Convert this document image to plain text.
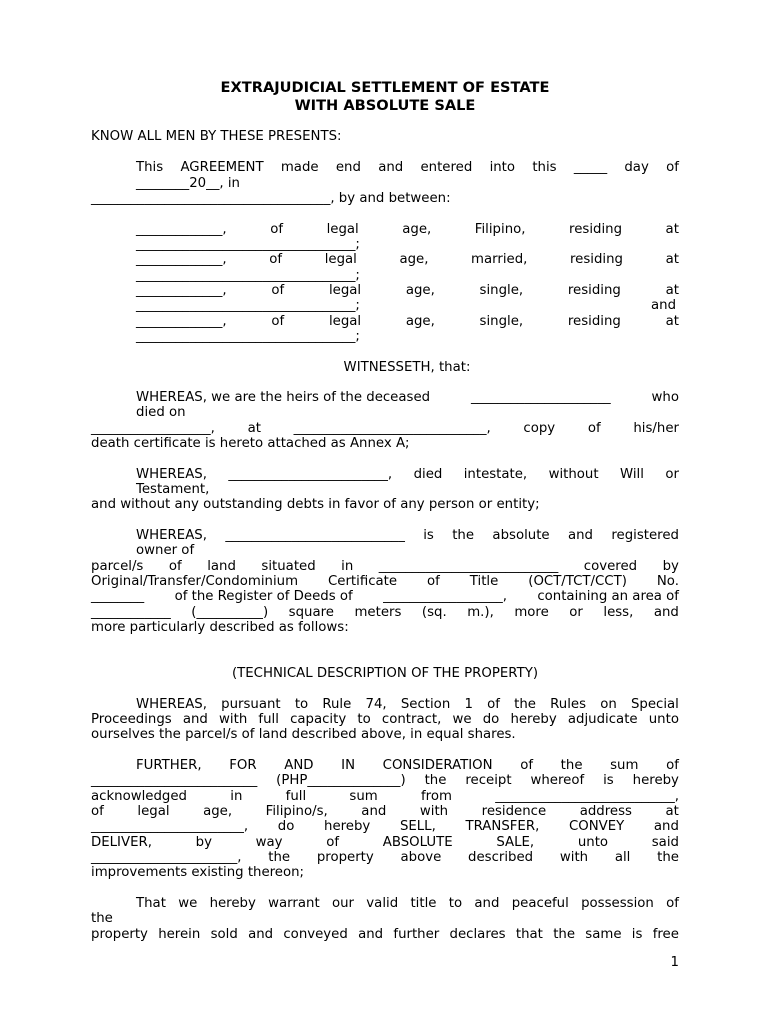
EXTRAJUDICIAL SETTLEMENT OF ESTATE
WITH ABSOLUTE SALE
KNOW ALL MEN BY THESE PRESENTS:
This AGREEMENT made end and entered into this _____ day of
________20__, in
____________________________________, by and between:
_____________,	of	legal	age,	Filipino,	residing	at
_________________________________;
_____________,	of	legal	age,	married,	residing	at
_________________________________;
_____________,	of	legal	age,	single,	residing	at
_________________________________;	and
_____________,	of	legal	age,	single,	residing	at
_________________________________;
WITNESSETH, that:
WHEREAS, we are the heirs of the deceased	_____________________	who
died on
__________________, at _____________________________, copy of his/her
death certificate is hereto attached as Annex A;
WHEREAS, ________________________, died intestate, without Will or
Testament,
and without any outstanding debts in favor of any person or entity;
WHEREAS, ___________________________ is the absolute and registered
owner of
parcel/s of land situated in ___________________________ covered by
Original/Transfer/Condominium Certificate of Title (OCT/TCT/CCT) No.
________ of the Register of Deeds of __________________, containing an area of
____________ (__________) square meters (sq. m.), more or less, and
more particularly described as follows:
(TECHNICAL DESCRIPTION OF THE PROPERTY)
WHEREAS, pursuant to Rule 74, Section 1 of the Rules on Special
Proceedings and with full capacity to contract, we do hereby adjudicate unto
ourselves the parcel/s of land described above, in equal shares.
FURTHER, FOR AND IN CONSIDERATION of the sum of
_________________________ (PHP______________) the receipt whereof is hereby
acknowledged	in	full	sum	from	___________________________,
of	legal	age,	Filipino/s,	and	with	residence	address	at
_______________________, do hereby SELL, TRANSFER, CONVEY and
DELIVER,	by	way	of	ABSOLUTE	SALE,	unto	said
______________________, the property above described with all the
improvements existing thereon;
That we hereby warrant our valid title to and peaceful possession of
the
property herein sold and conveyed and further declares that the same is free
1
